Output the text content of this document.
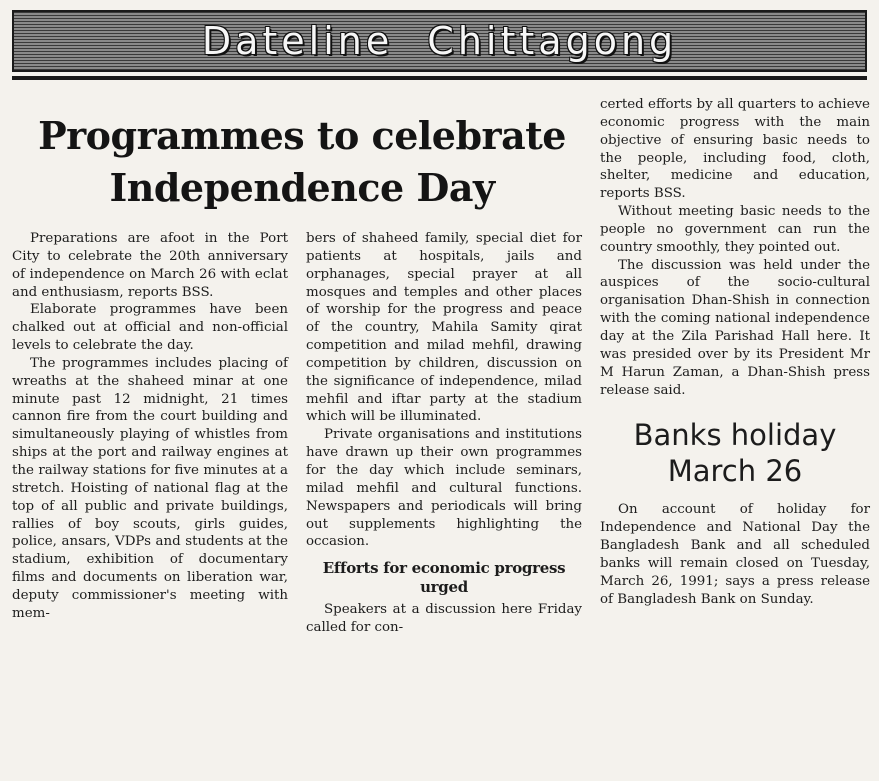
Dateline Chittagong
Programmes to celebrate Independence Day

Preparations are afoot in the Port City to celebrate the 20th anniversary of independence on March 26 with eclat and enthusiasm, reports BSS.

Elaborate programmes have been chalked out at official and non-official levels to celebrate the day.

The programmes includes placing of wreaths at the shaheed minar at one minute past 12 midnight, 21 times cannon fire from the court building and simultaneously playing of whistles from ships at the port and railway engines at the railway stations for five minutes at a stretch. Hoisting of national flag at the top of all public and private buildings, rallies of boy scouts, girls guides, police, ansars, VDPs and students at the stadium, exhibition of documentary films and documents on liberation war, deputy commissioner's meeting with mem-

bers of shaheed family, special diet for patients at hospitals, jails and orphanages, special prayer at all mosques and temples and other places of worship for the progress and peace of the country, Mahila Samity qirat competition and milad mehfil, drawing competition by children, discussion on the significance of independence, milad mehfil and iftar party at the stadium which will be illuminated.

Private organisations and institutions have drawn up their own programmes for the day which include seminars, milad mehfil and cultural functions. Newspapers and periodicals will bring out supplements highlighting the occasion.

Efforts for economic progress urged

Speakers at a discussion here Friday called for con-

certed efforts by all quarters to achieve economic progress with the main objective of ensuring basic needs to the people, including food, cloth, shelter, medicine and education, reports BSS.

Without meeting basic needs to the people no government can run the country smoothly, they pointed out.

The discussion was held under the auspices of the socio-cultural organisation Dhan-Shish in connection with the coming national independence day at the Zila Parishad Hall here. It was presided over by its President Mr M Harun Zaman, a Dhan-Shish press release said.

Banks holiday March 26

On account of holiday for Independence and National Day the Bangladesh Bank and all scheduled banks will remain closed on Tuesday, March 26, 1991; says a press release of Bangladesh Bank on Sunday.
